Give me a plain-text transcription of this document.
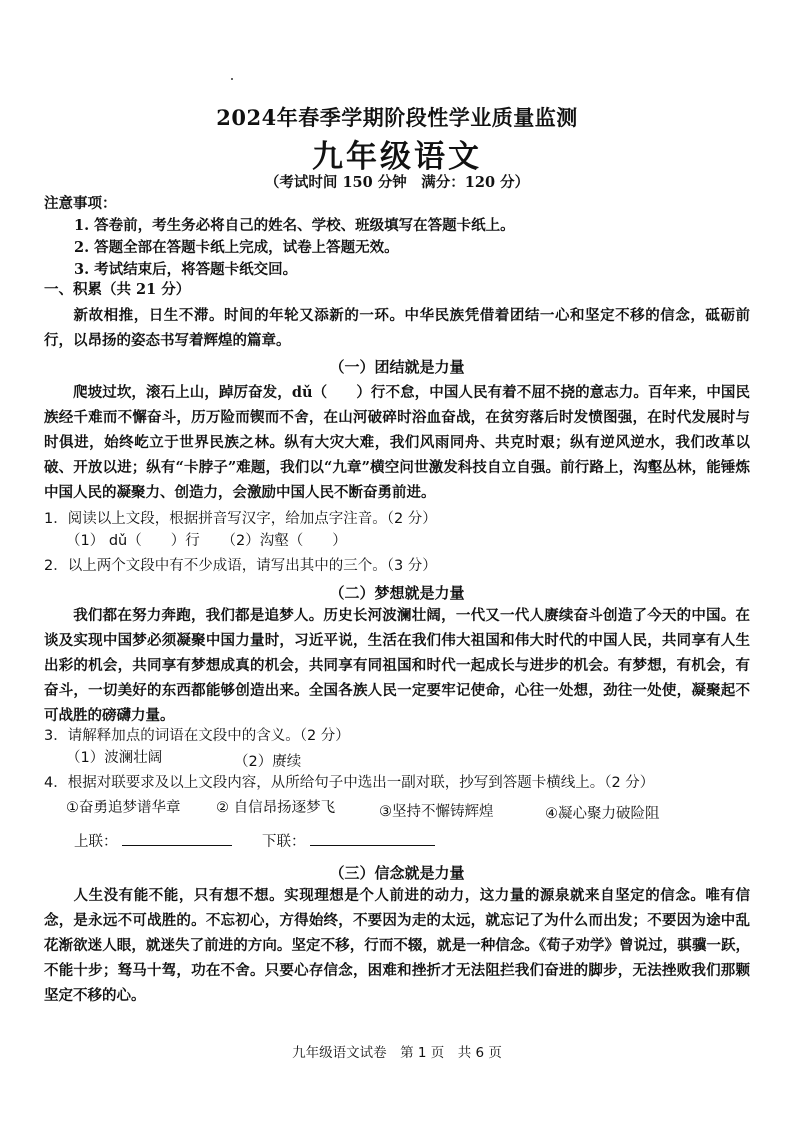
2024年春季学期阶段性学业质量监测
九年级语文
（考试时间 150 分钟　满分：120 分）
注意事项：
1. 答卷前，考生务必将自己的姓名、学校、班级填写在答题卡纸上。
2. 答题全部在答题卡纸上完成，试卷上答题无效。
3. 考试结束后，将答题卡纸交回。
一、积累（共 21 分）
新故相推，日生不滞。时间的年轮又添新的一环。中华民族凭借着团结一心和坚定不移的信念，砥砺前行，以昂扬的姿态书写着辉煌的篇章。
（一）团结就是力量
爬坡过坎，滚石上山，踔厉奋发，dǔ（　　）行不怠，中国人民有着不屈不挠的意志力。百年来，中国民族经千难而不懈奋斗，历万险而锲而不舍，在山河破碎时浴血奋战，在贫穷落后时发愤图强，在时代发展时与时俱进，始终屹立于世界民族之林。纵有大灾大难，我们风雨同舟、共克时艰；纵有逆风逆水，我们改革以破、开放以进；纵有“卡脖子”难题，我们以“九章”横空问世激发科技自立自强。前行路上，沟壑丛林，能锤炼中国人民的凝聚力、创造力，会激励中国人民不断奋勇前进。
1．阅读以上文段，根据拼音写汉字，给加点字注音。（2 分）
（1） dǔ（　　）行　　（2）沟壑（　　）
2．以上两个文段中有不少成语，请写出其中的三个。（3 分）
（二）梦想就是力量
我们都在努力奔跑，我们都是追梦人。历史长河波澜壮阔，一代又一代人赓续奋斗创造了今天的中国。在谈及实现中国梦必须凝聚中国力量时，习近平说，生活在我们伟大祖国和伟大时代的中国人民，共同享有人生出彩的机会，共同享有梦想成真的机会，共同享有同祖国和时代一起成长与进步的机会。有梦想，有机会，有奋斗，一切美好的东西都能够创造出来。全国各族人民一定要牢记使命，心往一处想，劲往一处使，凝聚起不可战胜的磅礴力量。
3．请解释加点的词语在文段中的含义。（2 分）
（1）波澜壮阔	（2）赓续
4．根据对联要求及以上文段内容，从所给句子中选出一副对联，抄写到答题卡横线上。（2 分）
①奋勇追梦谱华章 ② 自信昂扬逐梦飞	③坚持不懈铸辉煌	④凝心聚力破险阻
上联：	下联：
（三）信念就是力量
人生没有能不能，只有想不想。实现理想是个人前进的动力，这力量的源泉就来自坚定的信念。唯有信念，是永远不可战胜的。不忘初心，方得始终，不要因为走的太远，就忘记了为什么而出发；不要因为途中乱花渐欲迷人眼，就迷失了前进的方向。坚定不移，行而不辍，就是一种信念。《荀子劝学》曾说过，骐骥一跃，不能十步；驽马十驾，功在不舍。只要心存信念，困难和挫折才无法阻拦我们奋进的脚步，无法挫败我们那颗坚定不移的心。
九年级语文试卷　第 1 页　共 6 页
